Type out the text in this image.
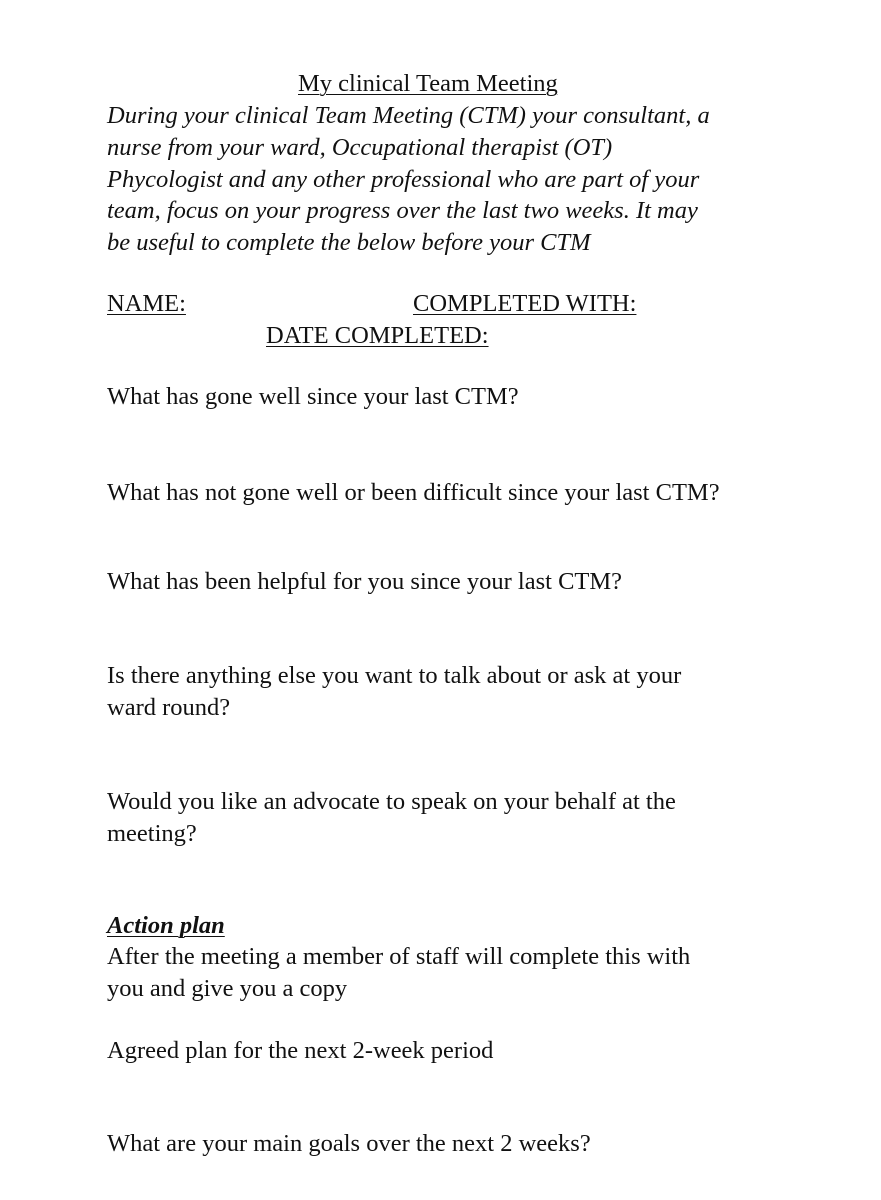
My clinical Team Meeting
During your clinical Team Meeting (CTM) your consultant, a
nurse from your ward, Occupational therapist (OT)
Phycologist and any other professional who are part of your
team, focus on your progress over the last two weeks. It may
be useful to complete the below before your CTM
NAME:	COMPLETED WITH:
DATE COMPLETED:
What has gone well since your last CTM?
What has not gone well or been difficult since your last CTM?
What has been helpful for you since your last CTM?
Is there anything else you want to talk about or ask at your
ward round?
Would you like an advocate to speak on your behalf at the
meeting?
Action plan
After the meeting a member of staff will complete this with
you and give you a copy
Agreed plan for the next 2-week period
What are your main goals over the next 2 weeks?
